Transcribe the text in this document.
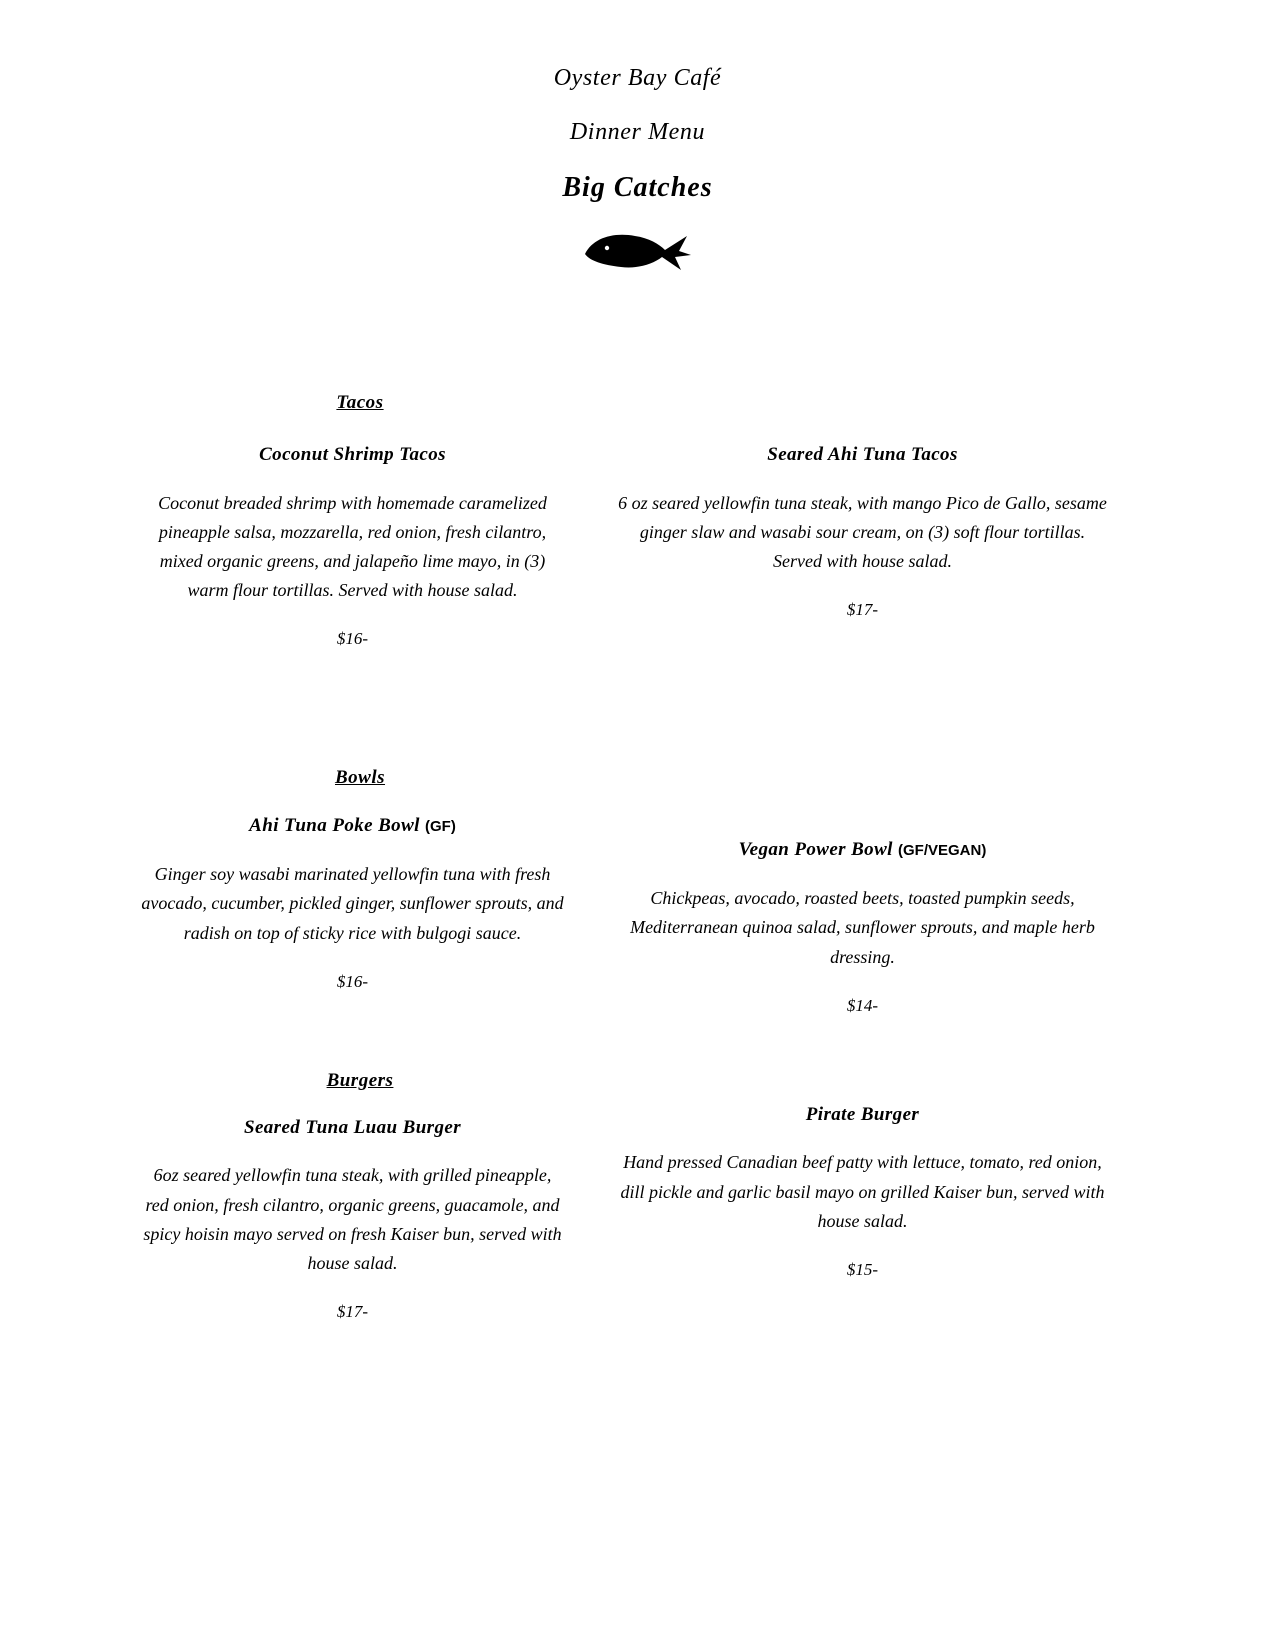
Oyster Bay Café
Dinner Menu
Big Catches
Tacos
Coconut Shrimp Tacos
Coconut breaded shrimp with homemade caramelized pineapple salsa, mozzarella, red onion, fresh cilantro, mixed organic greens, and jalapeño lime mayo, in (3) warm flour tortillas. Served with house salad.
$16-
Seared Ahi Tuna Tacos
6 oz seared yellowfin tuna steak, with mango Pico de Gallo, sesame ginger slaw and wasabi sour cream, on (3) soft flour tortillas. Served with house salad.
$17-
Bowls
Ahi Tuna Poke Bowl (GF)
Ginger soy wasabi marinated yellowfin tuna with fresh avocado, cucumber, pickled ginger, sunflower sprouts, and radish on top of sticky rice with bulgogi sauce.
$16-
Vegan Power Bowl (GF/VEGAN)
Chickpeas, avocado, roasted beets, toasted pumpkin seeds, Mediterranean quinoa salad, sunflower sprouts, and maple herb dressing.
$14-
Burgers
Seared Tuna Luau Burger
6oz seared yellowfin tuna steak, with grilled pineapple, red onion, fresh cilantro, organic greens, guacamole, and spicy hoisin mayo served on fresh Kaiser bun, served with house salad.
$17-
Pirate Burger
Hand pressed Canadian beef patty with lettuce, tomato, red onion, dill pickle and garlic basil mayo on grilled Kaiser bun, served with house salad.
$15-
